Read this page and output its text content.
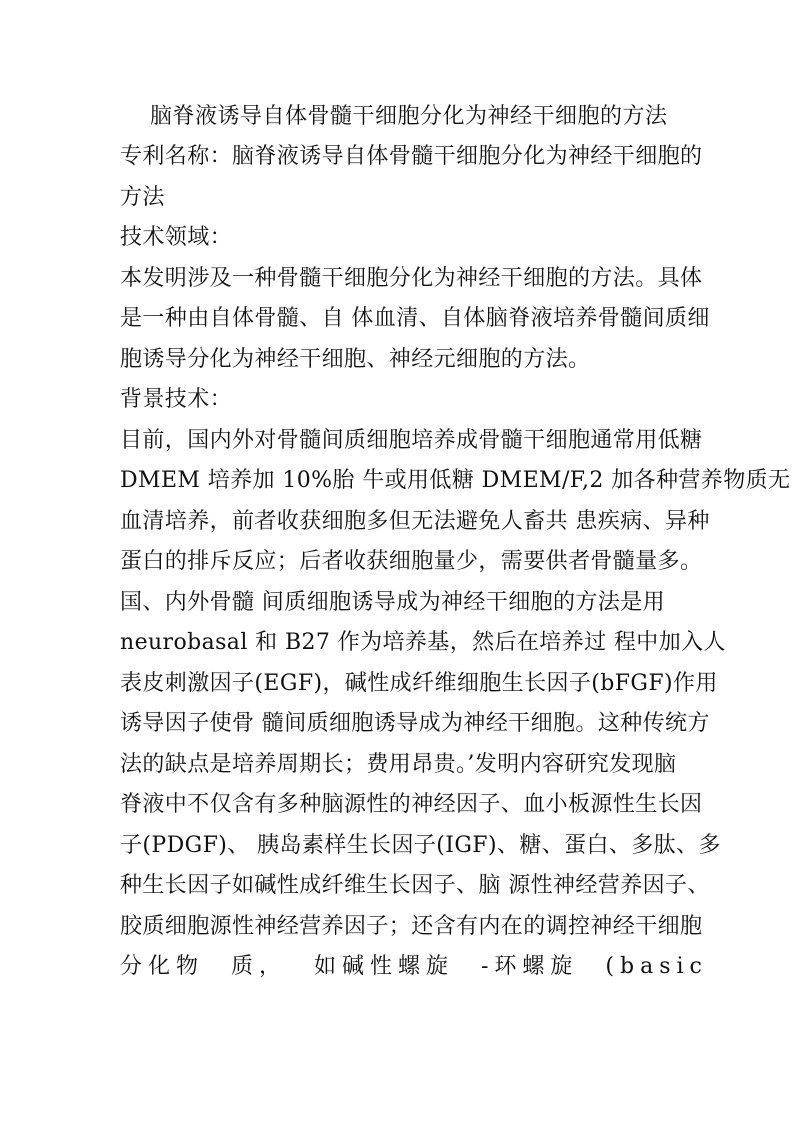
脑脊液诱导自体骨髓干细胞分化为神经干细胞的方法
专利名称：脑脊液诱导自体骨髓干细胞分化为神经干细胞的
方法
技术领域：
本发明涉及一种骨髓干细胞分化为神经干细胞的方法。具体
是一种由自体骨髓、自 体血清、自体脑脊液培养骨髓间质细
胞诱导分化为神经干细胞、神经元细胞的方法。
背景技术：
目前，国内外对骨髓间质细胞培养成骨髓干细胞通常用低糖
DMEM 培养加 10%胎 牛或用低糖 DMEM/F,2 加各种营养物质无
血清培养，前者收获细胞多但无法避免人畜共 患疾病、异种
蛋白的排斥反应；后者收获细胞量少，需要供者骨髓量多。
国、内外骨髓 间质细胞诱导成为神经干细胞的方法是用
neurobasal 和 B27 作为培养基，然后在培养过 程中加入人
表皮刺激因子(EGF)，碱性成纤维细胞生长因子(bFGF)作用
诱导因子使骨 髓间质细胞诱导成为神经干细胞。这种传统方
法的缺点是培养周期长；费用昂贵。’发明内容研究发现脑
脊液中不仅含有多种脑源性的神经因子、血小板源性生长因
子(PDGF)、 胰岛素样生长因子(IGF)、糖、蛋白、多肽、多
种生长因子如碱性成纤维生长因子、脑 源性神经营养因子、
胶质细胞源性神经营养因子；还含有内在的调控神经干细胞
分化物 质， 如碱性螺旋 -环螺旋 (basic
